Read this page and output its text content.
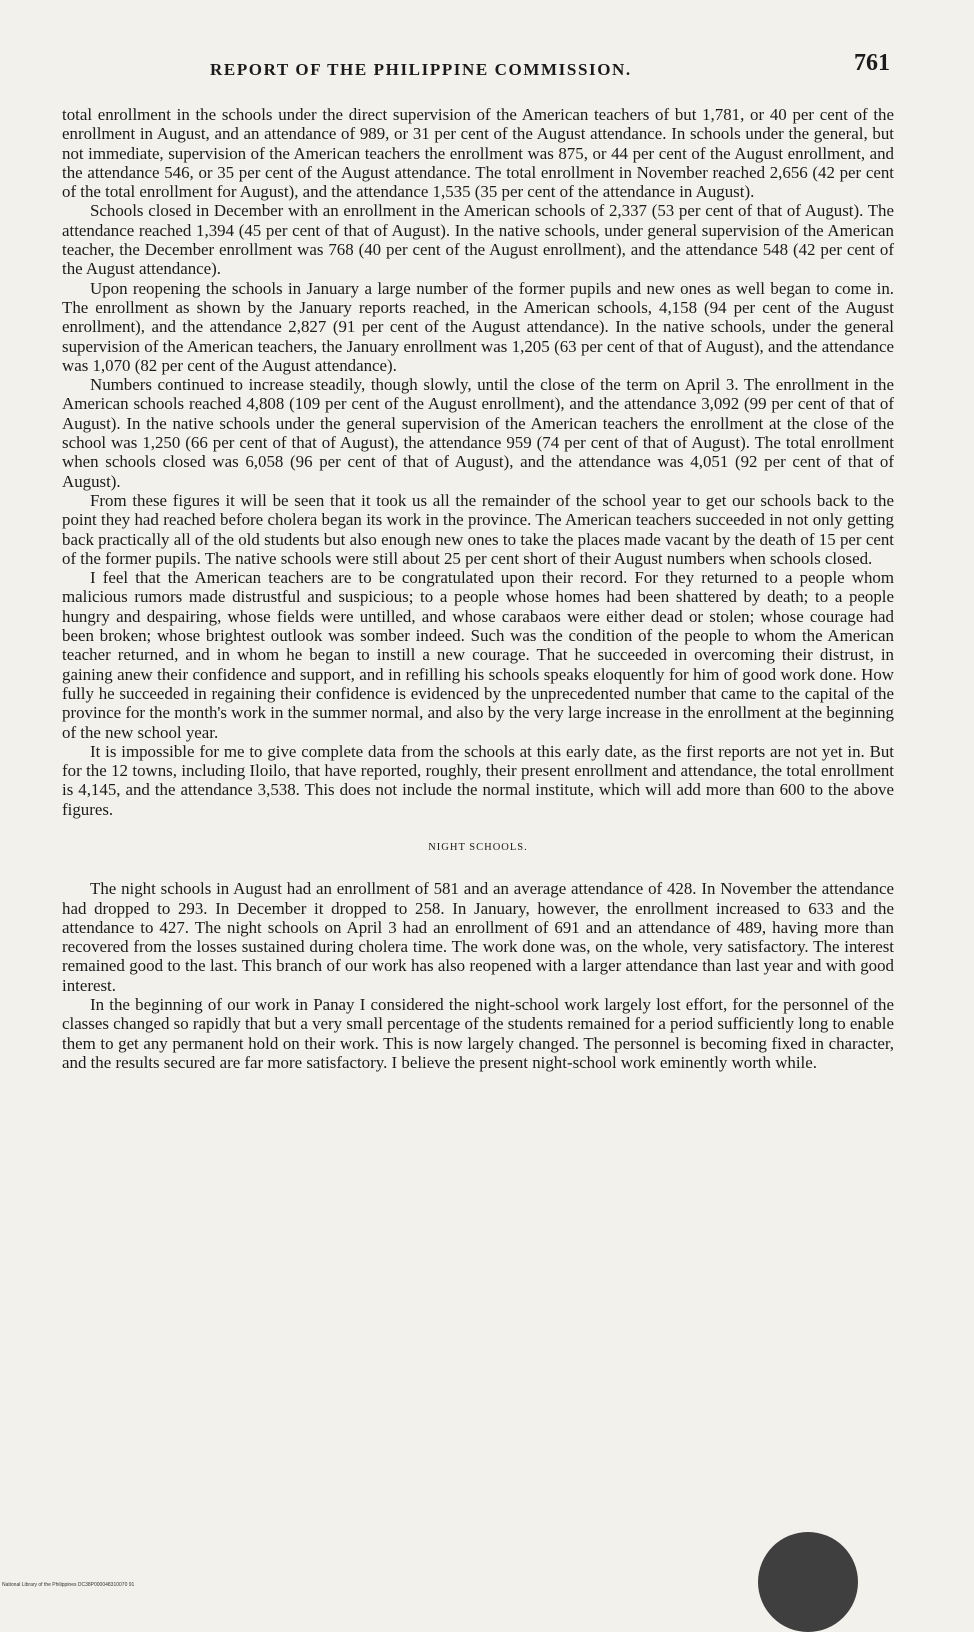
REPORT OF THE PHILIPPINE COMMISSION.	761

total enrollment in the schools under the direct supervision of the American teachers of but 1,781, or 40 per cent of the enrollment in August, and an attendance of 989, or 31 per cent of the August attendance. In schools under the general, but not immediate, supervision of the American teachers the enrollment was 875, or 44 per cent of the August enrollment, and the attendance 546, or 35 per cent of the August attendance. The total enrollment in November reached 2,656 (42 per cent of the total enrollment for August), and the attendance 1,535 (35 per cent of the attendance in August).

Schools closed in December with an enrollment in the American schools of 2,337 (53 per cent of that of August). The attendance reached 1,394 (45 per cent of that of August). In the native schools, under general supervision of the American teacher, the December enrollment was 768 (40 per cent of the August enrollment), and the attendance 548 (42 per cent of the August attendance).

Upon reopening the schools in January a large number of the former pupils and new ones as well began to come in. The enrollment as shown by the January reports reached, in the American schools, 4,158 (94 per cent of the August enrollment), and the attendance 2,827 (91 per cent of the August attendance). In the native schools, under the general supervision of the American teachers, the January enrollment was 1,205 (63 per cent of that of August), and the attendance was 1,070 (82 per cent of the August attendance).

Numbers continued to increase steadily, though slowly, until the close of the term on April 3. The enrollment in the American schools reached 4,808 (109 per cent of the August enrollment), and the attendance 3,092 (99 per cent of that of August). In the native schools under the general supervision of the American teachers the enrollment at the close of the school was 1,250 (66 per cent of that of August), the attendance 959 (74 per cent of that of August). The total enrollment when schools closed was 6,058 (96 per cent of that of August), and the attendance was 4,051 (92 per cent of that of August).

From these figures it will be seen that it took us all the remainder of the school year to get our schools back to the point they had reached before cholera began its work in the province. The American teachers succeeded in not only getting back practically all of the old students but also enough new ones to take the places made vacant by the death of 15 per cent of the former pupils. The native schools were still about 25 per cent short of their August numbers when schools closed.

I feel that the American teachers are to be congratulated upon their record. For they returned to a people whom malicious rumors made distrustful and suspicious; to a people whose homes had been shattered by death; to a people hungry and despairing, whose fields were untilled, and whose carabaos were either dead or stolen; whose courage had been broken; whose brightest outlook was somber indeed. Such was the condition of the people to whom the American teacher returned, and in whom he began to instill a new courage. That he succeeded in overcoming their distrust, in gaining anew their confidence and support, and in refilling his schools speaks eloquently for him of good work done. How fully he succeeded in regaining their confidence is evidenced by the unprecedented number that came to the capital of the province for the month's work in the summer normal, and also by the very large increase in the enrollment at the beginning of the new school year.

It is impossible for me to give complete data from the schools at this early date, as the first reports are not yet in. But for the 12 towns, including Iloilo, that have reported, roughly, their present enrollment and attendance, the total enrollment is 4,145, and the attendance 3,538. This does not include the normal institute, which will add more than 600 to the above figures.

NIGHT SCHOOLS.

The night schools in August had an enrollment of 581 and an average attendance of 428. In November the attendance had dropped to 293. In December it dropped to 258. In January, however, the enrollment increased to 633 and the attendance to 427. The night schools on April 3 had an enrollment of 691 and an attendance of 489, having more than recovered from the losses sustained during cholera time. The work done was, on the whole, very satisfactory. The interest remained good to the last. This branch of our work has also reopened with a larger attendance than last year and with good interest.

In the beginning of our work in Panay I considered the night-school work largely lost effort, for the personnel of the classes changed so rapidly that but a very small percentage of the students remained for a period sufficiently long to enable them to get any permanent hold on their work. This is now largely changed. The personnel is becoming fixed in character, and the results secured are far more satisfactory. I believe the present night-school work eminently worth while.

National Library of the Philippines DC38P000048310070 91
